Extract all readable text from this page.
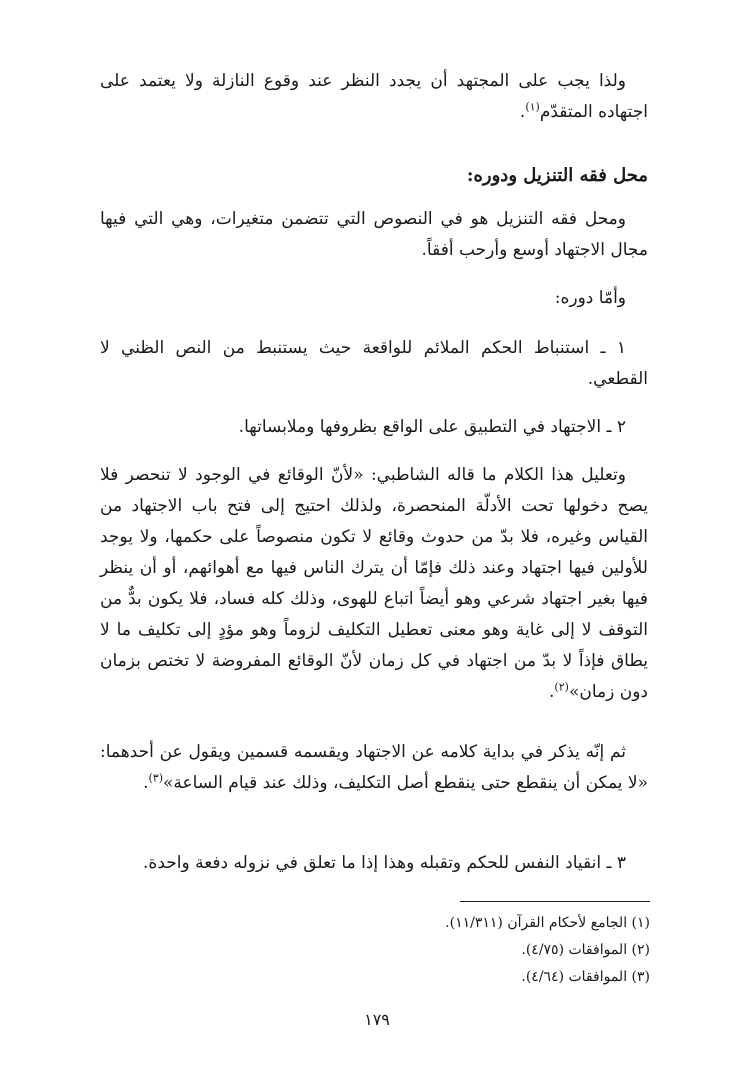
ولذا يجب على المجتهد أن يجدد النظر عند وقوع النازلة ولا يعتمد على اجتهاده المتقدّم$^{(١)}$.

محل فقه التنزيل ودوره:

ومحل فقه التنزيل هو في النصوص التي تتضمن متغيرات، وهي التي فيها مجال الاجتهاد أوسع وأرحب أفقاً.

وأمّا دوره:

١ ـ استنباط الحكم الملائم للواقعة حيث يستنبط من النص الظني لا القطعي.

٢ ـ الاجتهاد في التطبيق على الواقع بظروفها وملابساتها.

وتعليل هذا الكلام ما قاله الشاطبي: «لأنّ الوقائع في الوجود لا تنحصر فلا يصح دخولها تحت الأدلّة المنحصرة، ولذلك احتيج إلى فتح باب الاجتهاد من القياس وغيره، فلا بدّ من حدوث وقائع لا تكون منصوصاً على حكمها، ولا يوجد للأولين فيها اجتهاد وعند ذلك فإمّا أن يترك الناس فيها مع أهوائهم، أو أن ينظر فيها بغير اجتهاد شرعي وهو أيضاً اتباع للهوى، وذلك كله فساد، فلا يكون بدٌّ من التوقف لا إلى غاية وهو معنى تعطيل التكليف لزوماً وهو مؤدٍ إلى تكليف ما لا يطاق فإذاً لا بدّ من اجتهاد في كل زمان لأنّ الوقائع المفروضة لا تختص بزمان دون زمان»$^{(٢)}$.

ثم إنّه يذكر في بداية كلامه عن الاجتهاد ويقسمه قسمين ويقول عن أحدهما: «لا يمكن أن ينقطع حتى ينقطع أصل التكليف، وذلك عند قيام الساعة»$^{(٣)}$.

٣ ـ انقياد النفس للحكم وتقبله وهذا إذا ما تعلق في نزوله دفعة واحدة.

(١) الجامع لأحكام القرآن (١١/٣١١).

(٢) الموافقات (٤/٧٥).

(٣) الموافقات (٤/٦٤).

١٧٩
